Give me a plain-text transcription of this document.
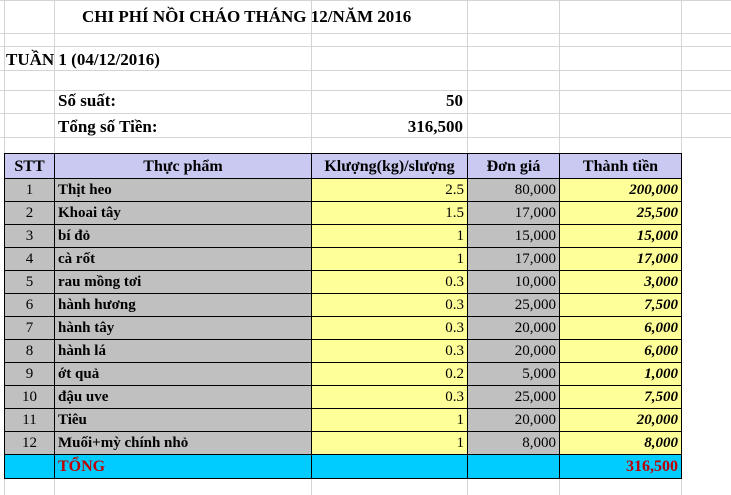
CHI PHÍ NỒI CHÁO THÁNG 12/NĂM 2016
TUẦN 1 (04/12/2016)
Số suất:	50
Tổng số Tiền:	316,500
STT	Thực phẩm	Klượng(kg)/slượng	Đơn giá	Thành tiền
1	Thịt heo	2.5	80,000	200,000
2	Khoai tây	1.5	17,000	25,500
3	bí đỏ	1	15,000	15,000
4	cà rốt	1	17,000	17,000
5	rau mồng tơi	0.3	10,000	3,000
6	hành hương	0.3	25,000	7,500
7	hành tây	0.3	20,000	6,000
8	hành lá	0.3	20,000	6,000
9	ớt quả	0.2	5,000	1,000
10	đậu uve	0.3	25,000	7,500
11	Tiêu	1	20,000	20,000
12	Muối+mỳ chính nhỏ	1	8,000	8,000
	TỔNG			316,500
